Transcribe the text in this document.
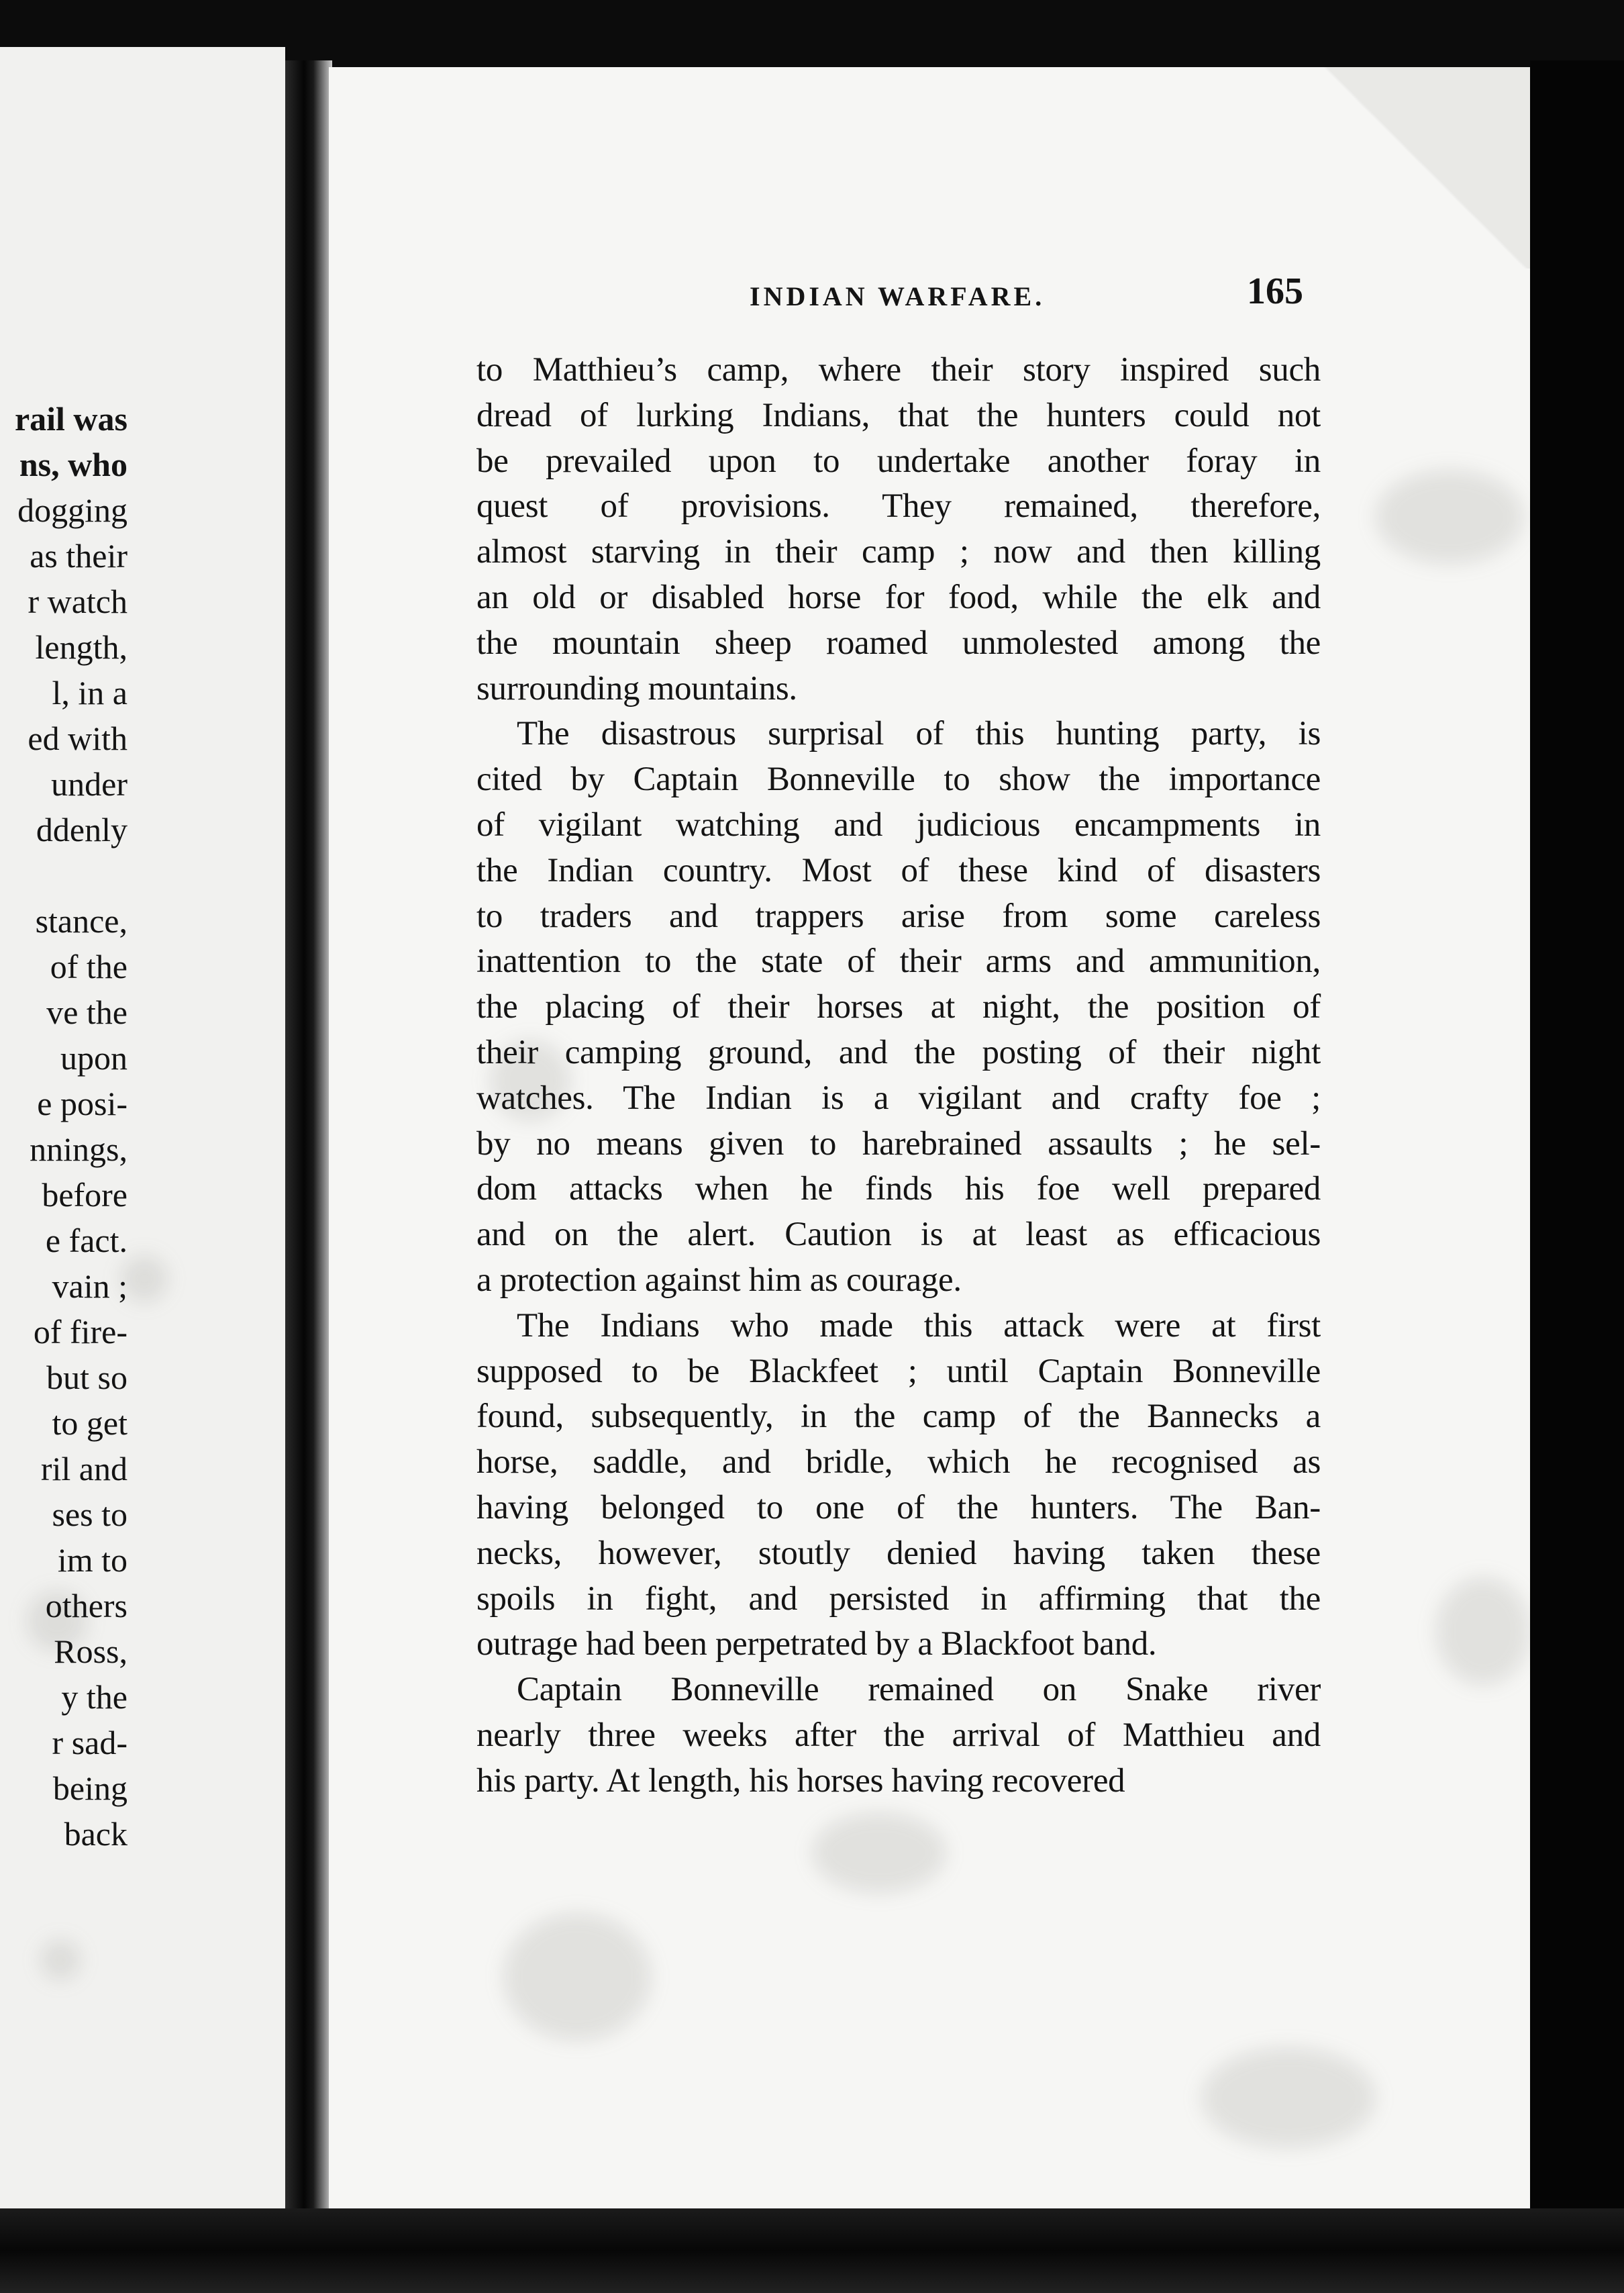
rail was
ns, who
dogging
as their
r watch
length,
l, in a
ed with
under
ddenly
stance,
of the
ve the
upon
e posi-
nnings,
before
e fact.
vain ;
of fire-
but so
to get
ril and
ses to
im to
others
Ross,
y the
r sad-
being
back
INDIAN WARFARE.	165
to Matthieu’s camp, where their story inspired such
dread of lurking Indians, that the hunters could not
be prevailed upon to undertake another foray in
quest of provisions. They remained, therefore,
almost starving in their camp ; now and then killing
an old or disabled horse for food, while the elk and
the mountain sheep roamed unmolested among the
surrounding mountains.
The disastrous surprisal of this hunting party, is
cited by Captain Bonneville to show the importance
of vigilant watching and judicious encampments in
the Indian country. Most of these kind of disasters
to traders and trappers arise from some careless
inattention to the state of their arms and ammunition,
the placing of their horses at night, the position of
their camping ground, and the posting of their night
watches. The Indian is a vigilant and crafty foe ;
by no means given to harebrained assaults ; he sel-
dom attacks when he finds his foe well prepared
and on the alert. Caution is at least as efficacious
a protection against him as courage.
The Indians who made this attack were at first
supposed to be Blackfeet ; until Captain Bonneville
found, subsequently, in the camp of the Bannecks a
horse, saddle, and bridle, which he recognised as
having belonged to one of the hunters. The Ban-
necks, however, stoutly denied having taken these
spoils in fight, and persisted in affirming that the
outrage had been perpetrated by a Blackfoot band.
Captain Bonneville remained on Snake river
nearly three weeks after the arrival of Matthieu and
his party. At length, his horses having recovered
